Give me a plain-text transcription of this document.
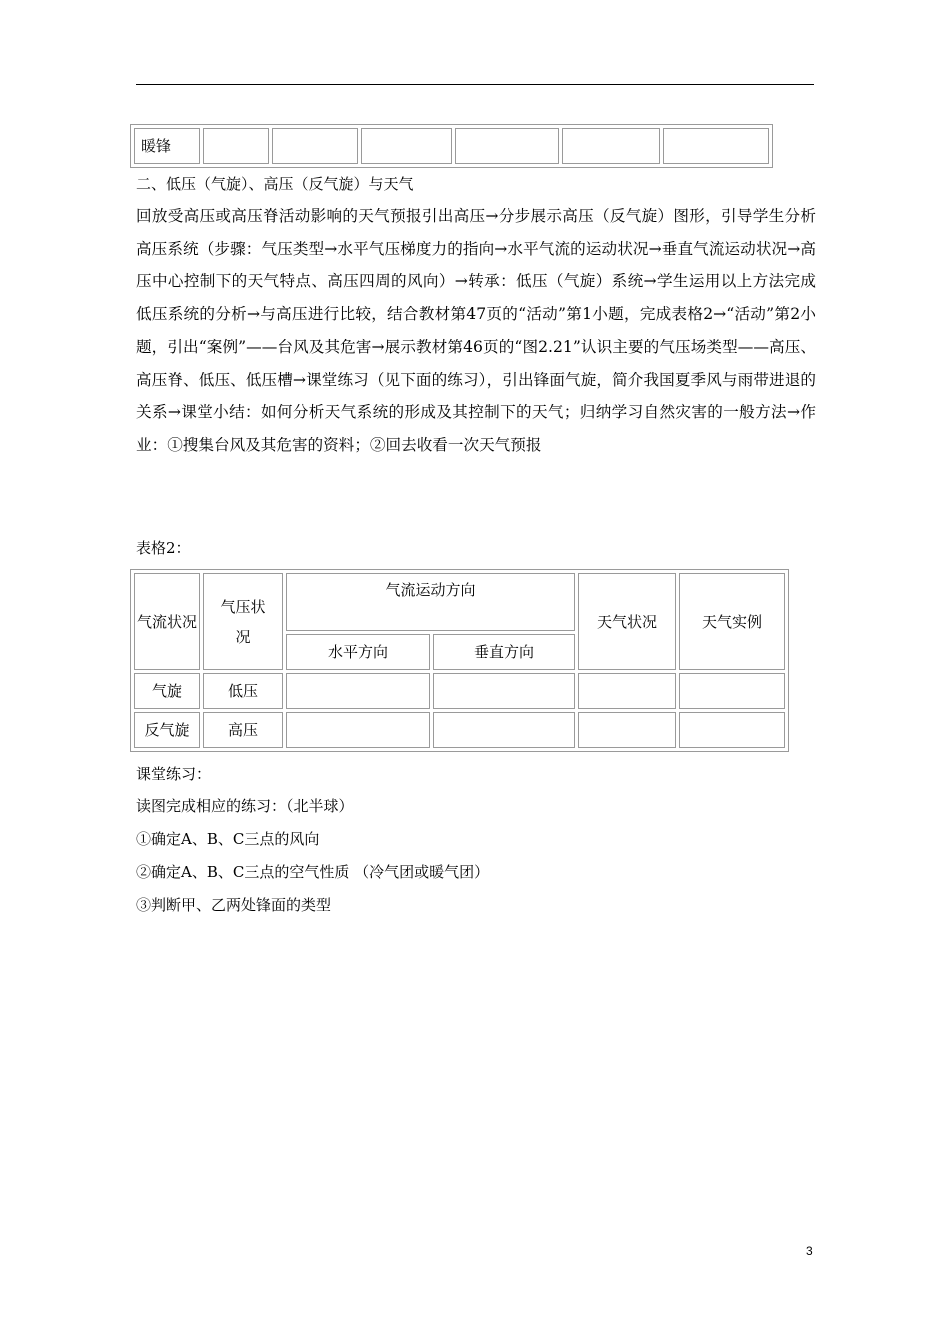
暖锋						

二、低压（气旋）、高压（反气旋）与天气

回放受高压或高压脊活动影响的天气预报引出高压→分步展示高压（反气旋）图形，引导学生分析高压系统（步骤：气压类型→水平气压梯度力的指向→水平气流的运动状况→垂直气流运动状况→高压中心控制下的天气特点、高压四周的风向）→转承：低压（气旋）系统→学生运用以上方法完成低压系统的分析→与高压进行比较，结合教材第47页的“活动”第1小题，完成表格2→“活动”第2小题，引出“案例”——台风及其危害→展示教材第46页的“图2.21”认识主要的气压场类型——高压、高压脊、低压、低压槽→课堂练习（见下面的练习），引出锋面气旋，简介我国夏季风与雨带进退的关系→课堂小结：如何分析天气系统的形成及其控制下的天气；归纳学习自然灾害的一般方法→作业：①搜集台风及其危害的资料；②回去收看一次天气预报

表格2：

气流状况	气压状况	气流运动方向		天气状况	天气实例
		水平方向	垂直方向		
气旋	低压				
反气旋	高压				

课堂练习：

读图完成相应的练习：（北半球）

①确定A、B、C三点的风向

②确定A、B、C三点的空气性质 （冷气团或暖气团）

③判断甲、乙两处锋面的类型

3
